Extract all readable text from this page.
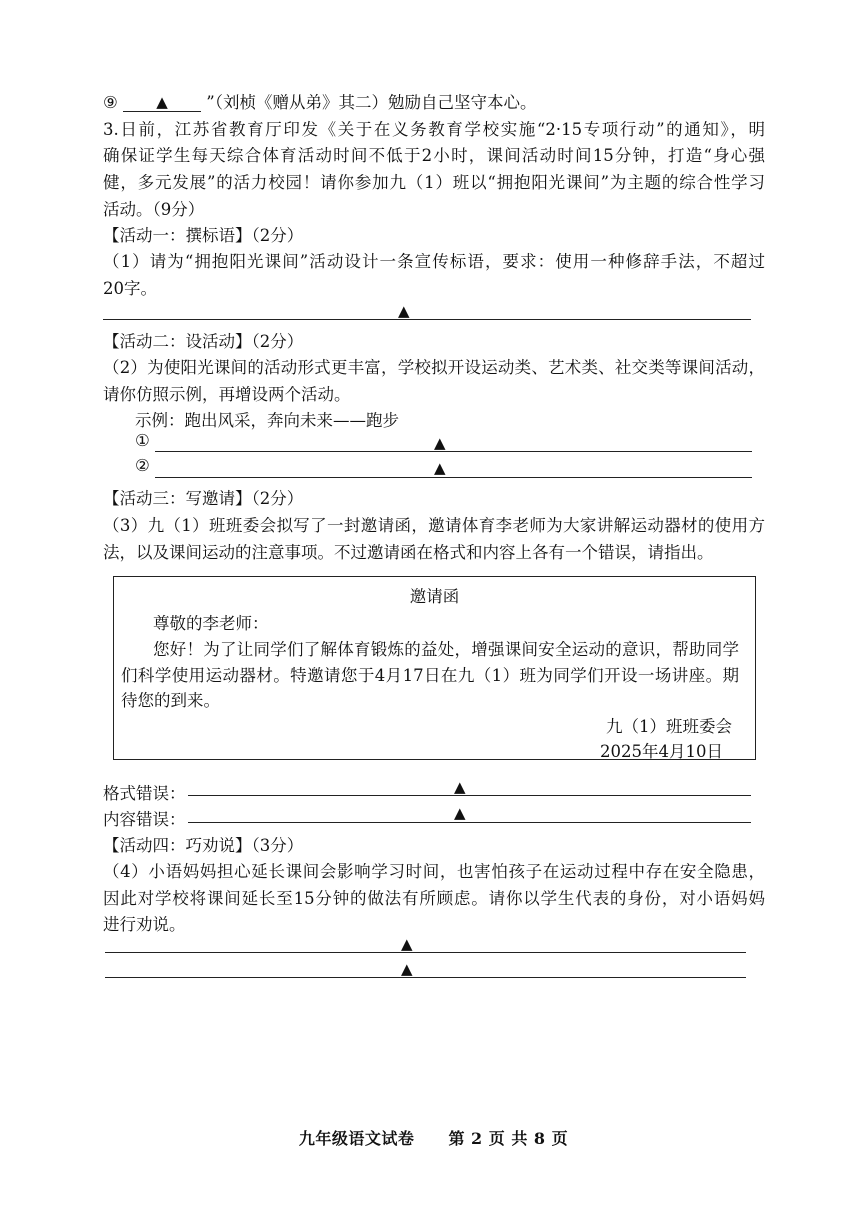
⑨	▲ ”（刘桢《赠从弟》其二）勉励自己坚守本心。
3.日前，江苏省教育厅印发《关于在义务教育学校实施“2·15专项行动”的通知》，明
确保证学生每天综合体育活动时间不低于2小时，课间活动时间15分钟，打造“身心强
健，多元发展”的活力校园！请你参加九（1）班以“拥抱阳光课间”为主题的综合性学习
活动。（9分）
【活动一：撰标语】（2分）
（1）请为“拥抱阳光课间”活动设计一条宣传标语，要求：使用一种修辞手法，不超过
20字。
▲
【活动二：设活动】（2分）
（2）为使阳光课间的活动形式更丰富，学校拟开设运动类、艺术类、社交类等课间活动，
请你仿照示例，再增设两个活动。
示例：跑出风采，奔向未来——跑步
①	▲
②	▲
【活动三：写邀请】（2分）
（3）九（1）班班委会拟写了一封邀请函，邀请体育李老师为大家讲解运动器材的使用方
法，以及课间运动的注意事项。不过邀请函在格式和内容上各有一个错误，请指出。
邀请函
尊敬的李老师：
您好！为了让同学们了解体育锻炼的益处，增强课间安全运动的意识，帮助同学
们科学使用运动器材。特邀请您于4月17日在九（1）班为同学们开设一场讲座。期
待您的到来。
九（1）班班委会
2025年4月10日
格式错误：	▲
内容错误：	▲
【活动四：巧劝说】（3分）
（4）小语妈妈担心延长课间会影响学习时间，也害怕孩子在运动过程中存在安全隐患，
因此对学校将课间延长至15分钟的做法有所顾虑。请你以学生代表的身份，对小语妈妈
进行劝说。
▲
▲
九年级语文试卷 第 2 页 共 8 页
